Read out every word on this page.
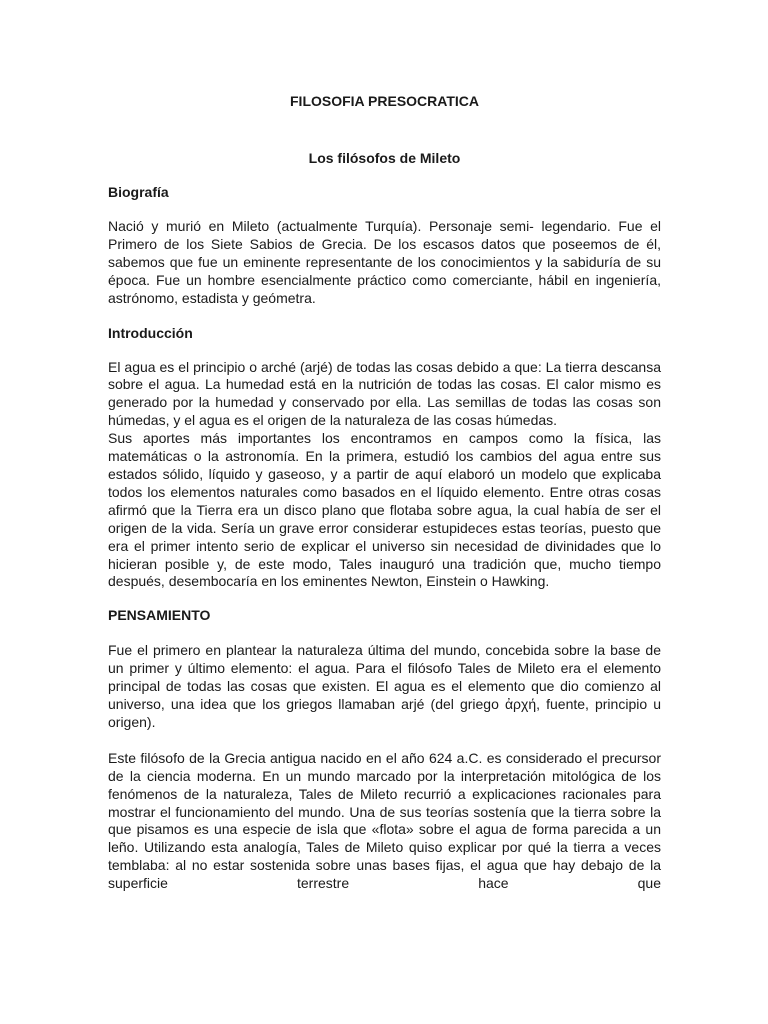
FILOSOFIA PRESOCRATICA
Los filósofos de Mileto
Biografía

Nació y murió en Mileto (actualmente Turquía). Personaje semi- legendario. Fue el Primero de los Siete Sabios de Grecia. De los escasos datos que poseemos de él, sabemos que fue un eminente representante de los conocimientos y la sabiduría de su época. Fue un hombre esencialmente práctico como comerciante, hábil en ingeniería, astrónomo, estadista y geómetra.

Introducción

El agua es el principio o arché (arjé) de todas las cosas debido a que: La tierra descansa sobre el agua. La humedad está en la nutrición de todas las cosas. El calor mismo es generado por la humedad y conservado por ella. Las semillas de todas las cosas son húmedas, y el agua es el origen de la naturaleza de las cosas húmedas.

Sus aportes más importantes los encontramos en campos como la física, las matemáticas o la astronomía. En la primera, estudió los cambios del agua entre sus estados sólido, líquido y gaseoso, y a partir de aquí elaboró un modelo que explicaba todos los elementos naturales como basados en el líquido elemento. Entre otras cosas afirmó que la Tierra era un disco plano que flotaba sobre agua, la cual había de ser el origen de la vida. Sería un grave error considerar estupideces estas teorías, puesto que era el primer intento serio de explicar el universo sin necesidad de divinidades que lo hicieran posible y, de este modo, Tales inauguró una tradición que, mucho tiempo después, desembocaría en los eminentes Newton, Einstein o Hawking.

PENSAMIENTO

Fue el primero en plantear la naturaleza última del mundo, concebida sobre la base de un primer y último elemento: el agua. Para el filósofo Tales de Mileto era el elemento principal de todas las cosas que existen. El agua es el elemento que dio comienzo al universo, una idea que los griegos llamaban arjé (del griego ἀρχή, fuente, principio u origen).

Este filósofo de la Grecia antigua nacido en el año 624 a.C. es considerado el precursor de la ciencia moderna. En un mundo marcado por la interpretación mitológica de los fenómenos de la naturaleza, Tales de Mileto recurrió a explicaciones racionales para mostrar el funcionamiento del mundo. Una de sus teorías sostenía que la tierra sobre la que pisamos es una especie de isla que «flota» sobre el agua de forma parecida a un leño. Utilizando esta analogía, Tales de Mileto quiso explicar por qué la tierra a veces temblaba: al no estar sostenida sobre unas bases fijas, el agua que hay debajo de la superficie terrestre hace que
